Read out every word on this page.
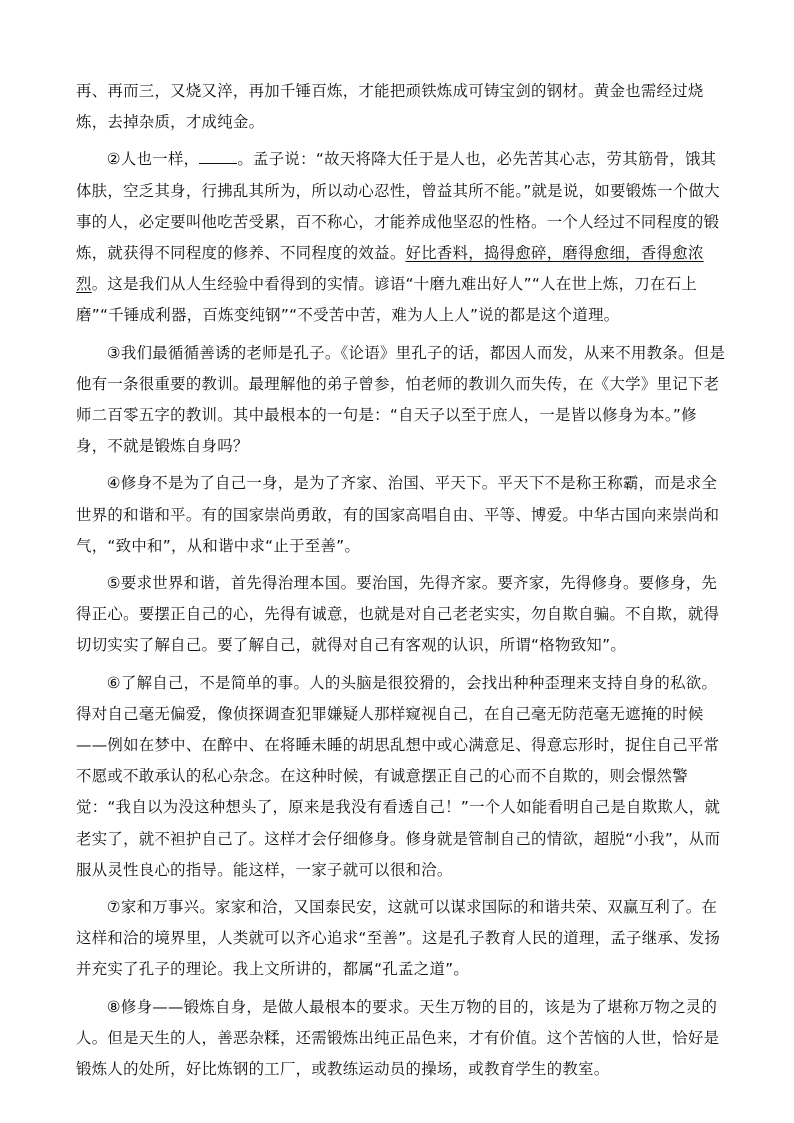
再、再而三，又烧又淬，再加千锤百炼，才能把顽铁炼成可铸宝剑的钢材。黄金也需经过烧炼，去掉杂质，才成纯金。

②人也一样， 。孟子说：“故天将降大任于是人也，必先苦其心志，劳其筋骨，饿其体肤，空乏其身，行拂乱其所为，所以动心忍性，曾益其所不能。”就是说，如要锻炼一个做大事的人，必定要叫他吃苦受累，百不称心，才能养成他坚忍的性格。一个人经过不同程度的锻炼，就获得不同程度的修养、不同程度的效益。好比香料，捣得愈碎，磨得愈细，香得愈浓烈。这是我们从人生经验中看得到的实情。谚语“十磨九难出好人”“人在世上炼，刀在石上磨”“千锤成利器，百炼变纯钢”“不受苦中苦，难为人上人”说的都是这个道理。

③我们最循循善诱的老师是孔子。《论语》里孔子的话，都因人而发，从来不用教条。但是他有一条很重要的教训。最理解他的弟子曾参，怕老师的教训久而失传，在《大学》里记下老师二百零五字的教训。其中最根本的一句是：“自天子以至于庶人，一是皆以修身为本。”修身，不就是锻炼自身吗？

④修身不是为了自己一身，是为了齐家、治国、平天下。平天下不是称王称霸，而是求全世界的和谐和平。有的国家崇尚勇敢，有的国家高唱自由、平等、博爱。中华古国向来崇尚和气，“致中和”，从和谐中求“止于至善”。

⑤要求世界和谐，首先得治理本国。要治国，先得齐家。要齐家，先得修身。要修身，先得正心。要摆正自己的心，先得有诚意，也就是对自己老老实实，勿自欺自骗。不自欺，就得切切实实了解自己。要了解自己，就得对自己有客观的认识，所谓“格物致知”。

⑥了解自己，不是简单的事。人的头脑是很狡猾的，会找出种种歪理来支持自身的私欲。得对自己毫无偏爱，像侦探调查犯罪嫌疑人那样窥视自己，在自己毫无防范毫无遮掩的时候——例如在梦中、在醉中、在将睡未睡的胡思乱想中或心满意足、得意忘形时，捉住自己平常不愿或不敢承认的私心杂念。在这种时候，有诚意摆正自己的心而不自欺的，则会憬然警觉：“我自以为没这种想头了，原来是我没有看透自己！”一个人如能看明自己是自欺欺人，就老实了，就不袒护自己了。这样才会仔细修身。修身就是管制自己的情欲，超脱“小我”，从而服从灵性良心的指导。能这样，一家子就可以很和洽。

⑦家和万事兴。家家和洽，又国泰民安，这就可以谋求国际的和谐共荣、双赢互利了。在这样和洽的境界里，人类就可以齐心追求“至善”。这是孔子教育人民的道理，孟子继承、发扬并充实了孔子的理论。我上文所讲的，都属“孔孟之道”。

⑧修身——锻炼自身，是做人最根本的要求。天生万物的目的，该是为了堪称万物之灵的人。但是天生的人，善恶杂糅，还需锻炼出纯正品色来，才有价值。这个苦恼的人世，恰好是锻炼人的处所，好比炼钢的工厂，或教练运动员的操场，或教育学生的教室。
